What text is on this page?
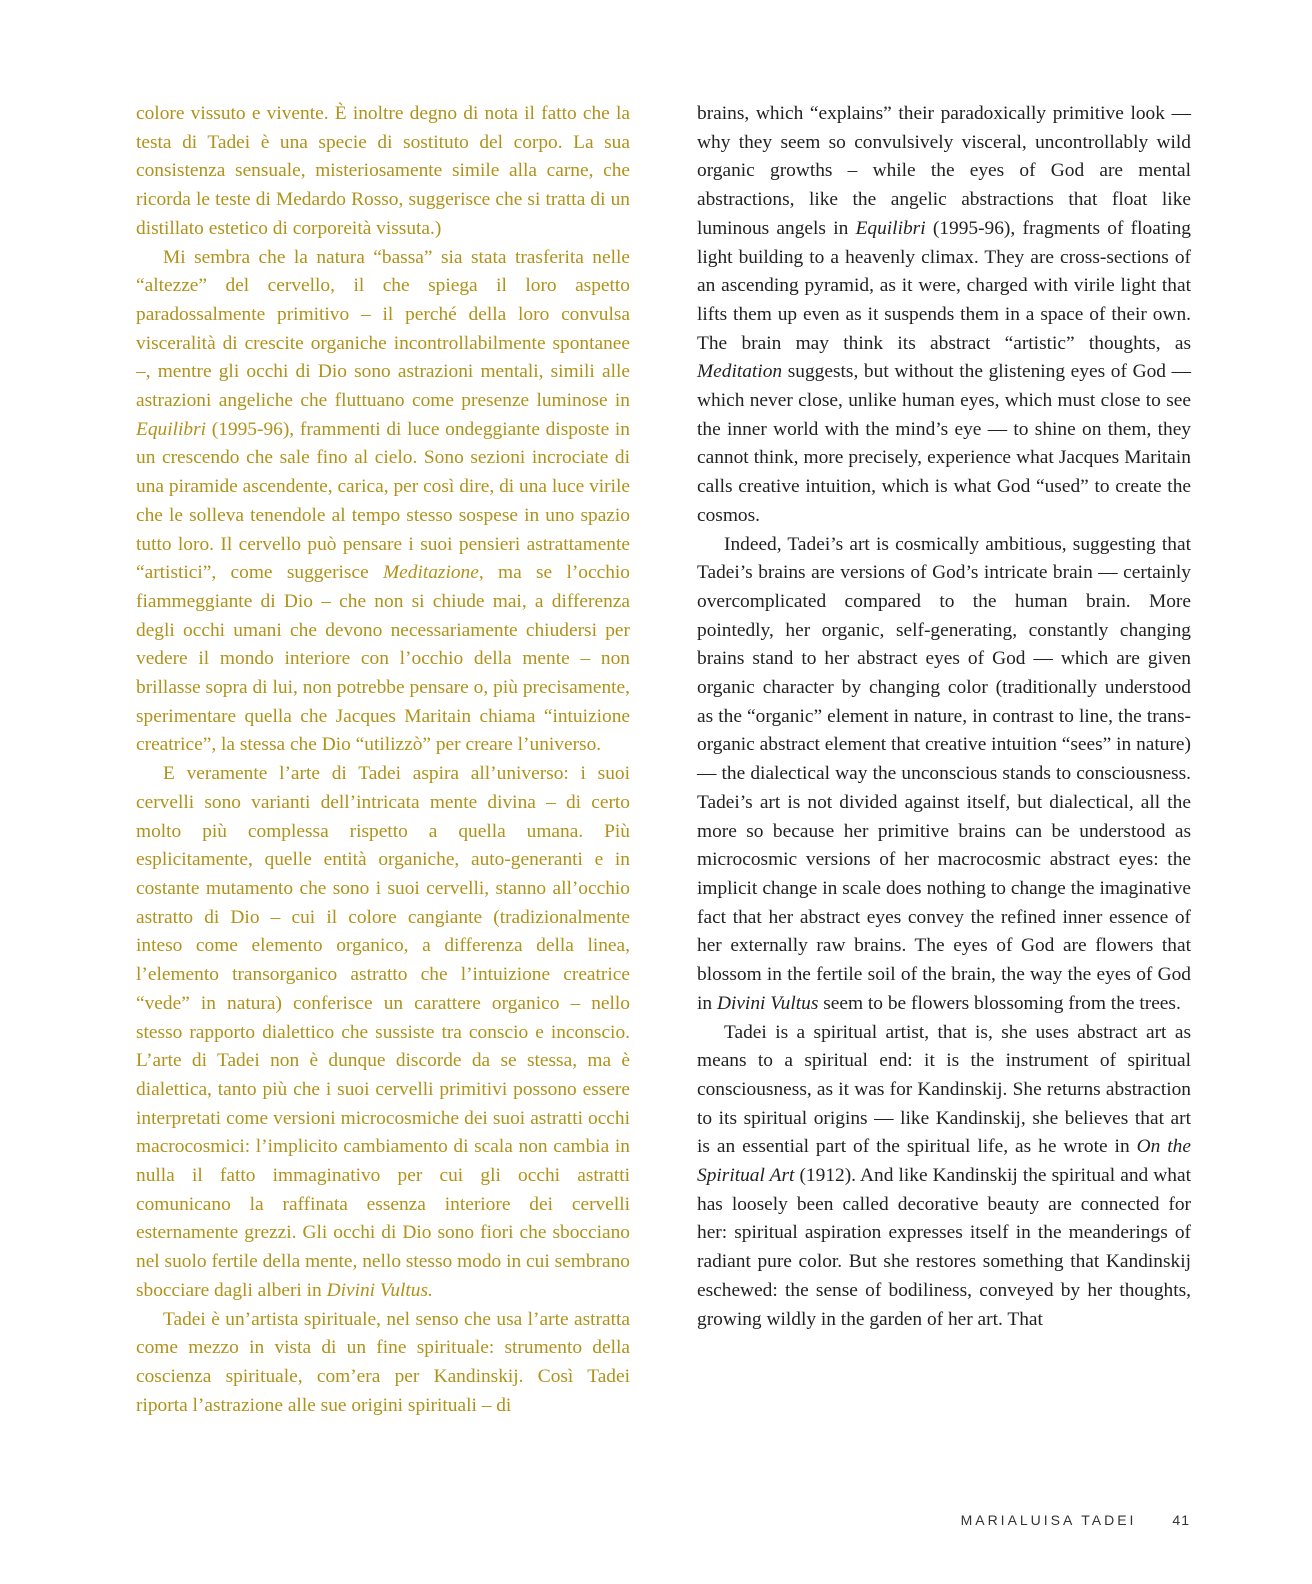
colore vissuto e vivente. È inoltre degno di nota il fatto che la testa di Tadei è una specie di sostituto del corpo. La sua consistenza sensuale, misteriosamente simile alla carne, che ricorda le teste di Medardo Rosso, suggerisce che si tratta di un distillato estetico di corporeità vissuta.)

Mi sembra che la natura “bassa” sia stata trasferita nelle “altezze” del cervello, il che spiega il loro aspetto paradossalmente primitivo – il perché della loro convulsa visceralità di crescite organiche incontrollabilmente spontanee –, mentre gli occhi di Dio sono astrazioni mentali, simili alle astrazioni angeliche che fluttuano come presenze luminose in Equilibri (1995-96), frammenti di luce ondeggiante disposte in un crescendo che sale fino al cielo. Sono sezioni incrociate di una piramide ascendente, carica, per così dire, di una luce virile che le solleva tenendole al tempo stesso sospese in uno spazio tutto loro. Il cervello può pensare i suoi pensieri astrattamente “artistici”, come suggerisce Meditazione, ma se l’occhio fiammeggiante di Dio – che non si chiude mai, a differenza degli occhi umani che devono necessariamente chiudersi per vedere il mondo interiore con l’occhio della mente – non brillasse sopra di lui, non potrebbe pensare o, più precisamente, sperimentare quella che Jacques Maritain chiama “intuizione creatrice”, la stessa che Dio “utilizzò” per creare l’universo.

E veramente l’arte di Tadei aspira all’universo: i suoi cervelli sono varianti dell’intricata mente divina – di certo molto più complessa rispetto a quella umana. Più esplicitamente, quelle entità organiche, auto-generanti e in costante mutamento che sono i suoi cervelli, stanno all’occhio astratto di Dio – cui il colore cangiante (tradizionalmente inteso come elemento organico, a differenza della linea, l’elemento transorganico astratto che l’intuizione creatrice “vede” in natura) conferisce un carattere organico – nello stesso rapporto dialettico che sussiste tra conscio e inconscio. L’arte di Tadei non è dunque discorde da se stessa, ma è dialettica, tanto più che i suoi cervelli primitivi possono essere interpretati come versioni microcosmiche dei suoi astratti occhi macrocosmici: l’implicito cambiamento di scala non cambia in nulla il fatto immaginativo per cui gli occhi astratti comunicano la raffinata essenza interiore dei cervelli esternamente grezzi. Gli occhi di Dio sono fiori che sbocciano nel suolo fertile della mente, nello stesso modo in cui sembrano sbocciare dagli alberi in Divini Vultus.

Tadei è un’artista spirituale, nel senso che usa l’arte astratta come mezzo in vista di un fine spirituale: strumento della coscienza spirituale, com’era per Kandinskij. Così Tadei riporta l’astrazione alle sue origini spirituali – di

brains, which “explains” their paradoxically primitive look — why they seem so convulsively visceral, uncontrollably wild organic growths – while the eyes of God are mental abstractions, like the angelic abstractions that float like luminous angels in Equilibri (1995-96), fragments of floating light building to a heavenly climax. They are cross-sections of an ascending pyramid, as it were, charged with virile light that lifts them up even as it suspends them in a space of their own. The brain may think its abstract “artistic” thoughts, as Meditation suggests, but without the glistening eyes of God — which never close, unlike human eyes, which must close to see the inner world with the mind’s eye — to shine on them, they cannot think, more precisely, experience what Jacques Maritain calls creative intuition, which is what God “used” to create the cosmos.

Indeed, Tadei’s art is cosmically ambitious, suggesting that Tadei’s brains are versions of God’s intricate brain — certainly overcomplicated compared to the human brain. More pointedly, her organic, self-generating, constantly changing brains stand to her abstract eyes of God — which are given organic character by changing color (traditionally understood as the “organic” element in nature, in contrast to line, the trans-organic abstract element that creative intuition “sees” in nature) — the dialectical way the unconscious stands to consciousness. Tadei’s art is not divided against itself, but dialectical, all the more so because her primitive brains can be understood as microcosmic versions of her macrocosmic abstract eyes: the implicit change in scale does nothing to change the imaginative fact that her abstract eyes convey the refined inner essence of her externally raw brains. The eyes of God are flowers that blossom in the fertile soil of the brain, the way the eyes of God in Divini Vultus seem to be flowers blossoming from the trees.

Tadei is a spiritual artist, that is, she uses abstract art as means to a spiritual end: it is the instrument of spiritual consciousness, as it was for Kandinskij. She returns abstraction to its spiritual origins — like Kandinskij, she believes that art is an essential part of the spiritual life, as he wrote in On the Spiritual Art (1912). And like Kandinskij the spiritual and what has loosely been called decorative beauty are connected for her: spiritual aspiration expresses itself in the meanderings of radiant pure color. But she restores something that Kandinskij eschewed: the sense of bodiliness, conveyed by her thoughts, growing wildly in the garden of her art. That

MARIALUISA TADEI	41
